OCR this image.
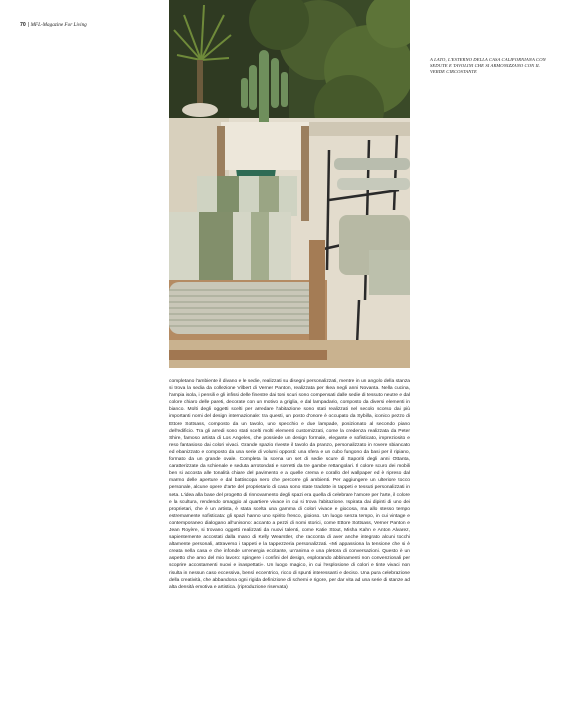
70 | MFL-Magazine For Living
A LATO, L'ESTERNO DELLA CASA CALIFORNIANA CON SEDUTE E TAVOLINI CHE SI ARMONIZZANO CON IL VERDE CIRCOSTANTE

completano l'ambiente il divano e le sedie, realizzati su disegni personalizzati, mentre in un angolo della stanza si trova la sedia da collezione Vilbert di Verner Panton, realizzata per Ikea negli anni Novanta. Nella cucina, l'ampia isola, i pensili e gli infissi delle finestre dai toni scuri sono compensati dalle sedie di tessuto neutre e dal colore chiaro delle pareti, decorate con un motivo a griglia, e dal lampadario, composto da diversi elementi in bianco. Molti degli oggetti scelti per arredare l'abitazione sono stati realizzati nel secolo scorso dai più importanti nomi del design internazionale: tra questi, un posto d'onore è occupato da Sybilla, iconico pezzo di Ettore Sottsass, composto da un tavolo, uno specchio e due lampade, posizionato al secondo piano dell'edificio. Tra gli arredi sono stati scelti molti elementi customizzati, come la credenza realizzata da Peter Shire, famoso artista di Los Angeles, che possiede un design formale, elegante e sofisticato, impreziosito e reso fantasioso dai colori vivaci. Grande spazio riveste il tavolo da pranzo, personalizzato in rovere sbiancato ed ebanizzato e composto da una serie di volumi opposti: una sfera e un cubo fungono da basi per il ripiano, formato da un grande ovale. Completa la scena un set di sedie scure di Saporiti degli anni Ottanta, caratterizzate da schienale e seduta arrotondati e sorretti da tre gambe rettangolari. Il colore scuro dei mobili ben si accosta alle tonalità chiare del pavimento e a quelle crema e corallo del wallpaper ed è ripreso dal marmo delle aperture e dal battiscopa nero che percorre gli ambienti. Per aggiungere un ulteriore tocco personale, alcune opere d'arte del proprietario di casa sono state tradotte in tappeti e tessuti personalizzati in seta. L'idea alla base del progetto di rinnovamento degli spazi era quella di celebrare l'amore per l'arte, il colore e la scultura, rendendo omaggio al quartiere vivace in cui si trova l'abitazione. Ispirata dai dipinti di uno dei proprietari, che è un artista, è stata scelta una gamma di colori vivace e giocosa, ma allo stesso tempo estremamente sofisticata: gli spazi hanno uno spirito fresco, gioioso. Un luogo senza tempo, in cui vintage e contemporaneo dialogano all'unisono: accanto a pezzi di nomi storici, come Ettore Sottsass, Verner Panton e Jean Royère, si trovano oggetti realizzati da nuovi talenti, come Katie Stout, Misha Kahn e Anton Alvarez, sapientemente accostati dalla mano di Kelly Wearstler, che racconta di aver anche integrato alcuni tocchi altamente personali, attraverso i tappeti e la tappezzeria personalizzati. «Mi appassiona la tensione che si è creata nella casa e che infonde un'energia eccitante, un'anima e una pletora di conversazioni. Questo è un aspetto che amo del mio lavoro: spingere i confini del design, esplorando abbinamenti non convenzionali per scoprire accostamenti nuovi e inaspettati». Un luogo magico, in cui l'esplosione di colori e tinte vivaci non risulta in nessun caso eccessiva, bensì eccentrico, ricco di spunti interessanti e deciso. Una pura celebrazione della creatività, che abbandona ogni rigida definizione di schemi e rigore, per dar vita ad una serie di stanze ad alta densità emotiva e artistica. (riproduzione riservata)
